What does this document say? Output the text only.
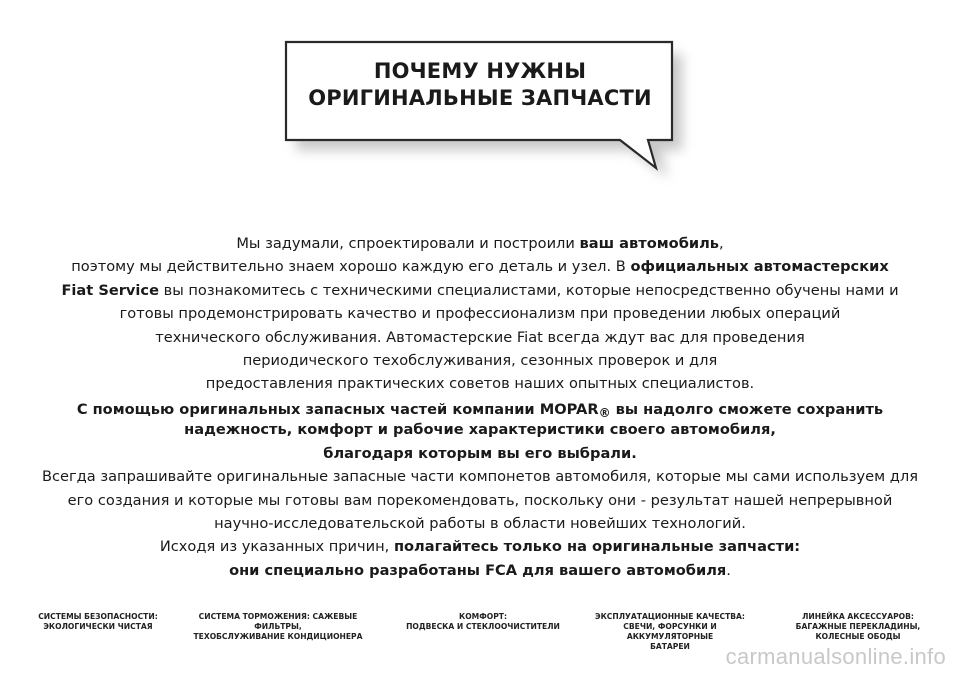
ПОЧЕМУ НУЖНЫ
ОРИГИНАЛЬНЫЕ ЗАПЧАСТИ

Мы задумали, спроектировали и построили ваш автомобиль,

поэтому мы действительно знаем хорошо каждую его деталь и узел. В официальных автомастерских

Fiat Service вы познакомитесь с техническими специалистами, которые непосредственно обучены нами и

готовы продемонстрировать качество и профессионализм при проведении любых операций

технического обслуживания. Автомастерские Fiat всегда ждут вас для проведения

периодического техобслуживания, сезонных проверок и для

предоставления практических советов наших опытных специалистов.

С помощью оригинальных запасных частей компании $MOPAR_®$ вы надолго сможете сохранить

надежность, комфорт и рабочие характеристики своего автомобиля,

благодаря которым вы его выбрали.

Всегда запрашивайте оригинальные запасные части компонетов автомобиля, которые мы сами используем для

его создания и которые мы готовы вам порекомендовать, поскольку они - результат нашей непрерывной

научно-исследовательской работы в области новейших технологий.

Исходя из указанных причин, полагайтесь только на оригинальные запчасти:

они специально разработаны FCA для вашего автомобиля.

СИСТЕМЫ БЕЗОПАСНОСТИ:
ЭКОЛОГИЧЕСКИ ЧИСТАЯ
СИСТЕМА ТОРМОЖЕНИЯ: САЖЕВЫЕ ФИЛЬТРЫ,
ТЕХОБСЛУЖИВАНИЕ КОНДИЦИОНЕРА
КОМФОРТ:
ПОДВЕСКА И СТЕКЛООЧИСТИТЕЛИ
ЭКСПЛУАТАЦИОННЫЕ КАЧЕСТВА:
СВЕЧИ, ФОРСУНКИ И АККУМУЛЯТОРНЫЕ
БАТАРЕИ
ЛИНЕЙКА АКСЕССУАРОВ:
БАГАЖНЫЕ ПЕРЕКЛАДИНЫ,
КОЛЕСНЫЕ ОБОДЫ
carmanualsonline.info
